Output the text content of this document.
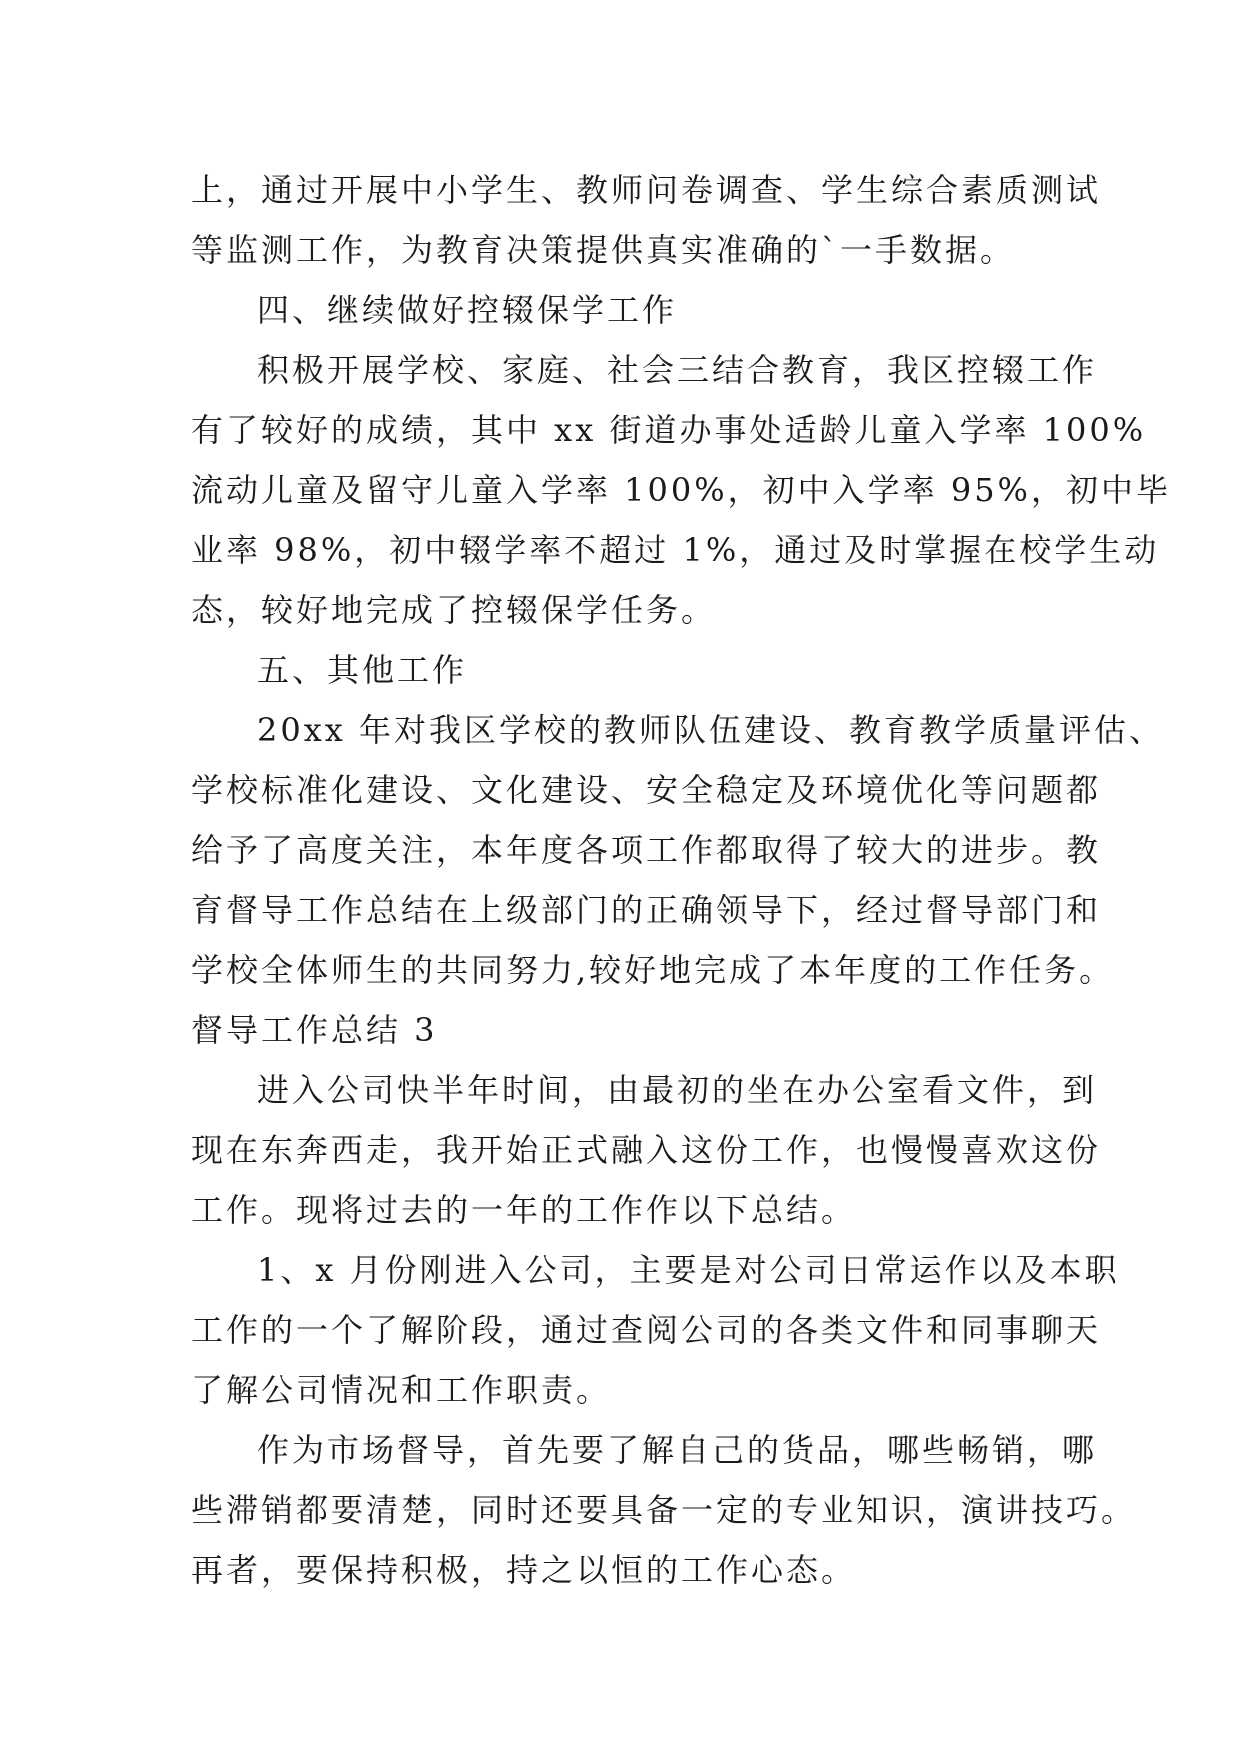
上，通过开展中小学生、教师问卷调查、学生综合素质测试
等监测工作，为教育决策提供真实准确的`一手数据。
四、继续做好控辍保学工作
积极开展学校、家庭、社会三结合教育，我区控辍工作
有了较好的成绩，其中 xx 街道办事处适龄儿童入学率 100%
流动儿童及留守儿童入学率 100%，初中入学率 95%，初中毕
业率 98%，初中辍学率不超过 1%，通过及时掌握在校学生动
态，较好地完成了控辍保学任务。
五、其他工作
20xx 年对我区学校的教师队伍建设、教育教学质量评估、
学校标准化建设、文化建设、安全稳定及环境优化等问题都
给予了高度关注，本年度各项工作都取得了较大的进步。教
育督导工作总结在上级部门的正确领导下，经过督导部门和
学校全体师生的共同努力,较好地完成了本年度的工作任务。
督导工作总结 3
进入公司快半年时间，由最初的坐在办公室看文件，到
现在东奔西走，我开始正式融入这份工作，也慢慢喜欢这份
工作。现将过去的一年的工作作以下总结。
1、x 月份刚进入公司，主要是对公司日常运作以及本职
工作的一个了解阶段，通过查阅公司的各类文件和同事聊天
了解公司情况和工作职责。
作为市场督导，首先要了解自己的货品，哪些畅销，哪
些滞销都要清楚，同时还要具备一定的专业知识，演讲技巧。
再者，要保持积极，持之以恒的工作心态。
